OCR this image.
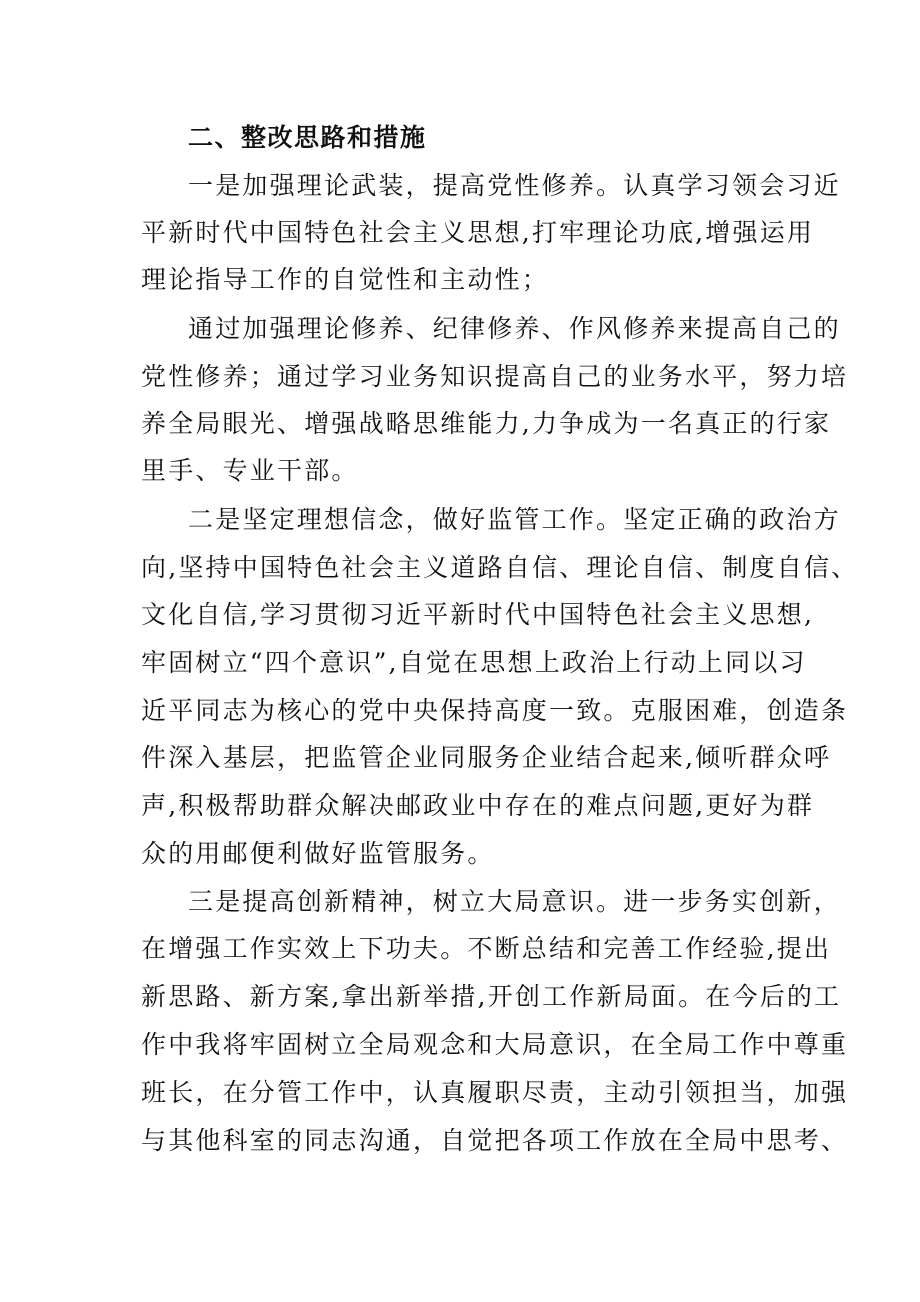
二、整改思路和措施
一是加强理论武装，提高党性修养。认真学习领会习近
平新时代中国特色社会主义思想,打牢理论功底,增强运用
理论指导工作的自觉性和主动性；
通过加强理论修养、纪律修养、作风修养来提高自己的
党性修养；通过学习业务知识提高自己的业务水平，努力培
养全局眼光、增强战略思维能力,力争成为一名真正的行家
里手、专业干部。
二是坚定理想信念，做好监管工作。坚定正确的政治方
向,坚持中国特色社会主义道路自信、理论自信、制度自信、
文化自信,学习贯彻习近平新时代中国特色社会主义思想,
牢固树立“四个意识”,自觉在思想上政治上行动上同以习
近平同志为核心的党中央保持高度一致。克服困难，创造条
件深入基层，把监管企业同服务企业结合起来,倾听群众呼
声,积极帮助群众解决邮政业中存在的难点问题,更好为群
众的用邮便利做好监管服务。
三是提高创新精神，树立大局意识。进一步务实创新，
在增强工作实效上下功夫。不断总结和完善工作经验,提出
新思路、新方案,拿出新举措,开创工作新局面。在今后的工
作中我将牢固树立全局观念和大局意识，在全局工作中尊重
班长，在分管工作中，认真履职尽责，主动引领担当，加强
与其他科室的同志沟通，自觉把各项工作放在全局中思考、
